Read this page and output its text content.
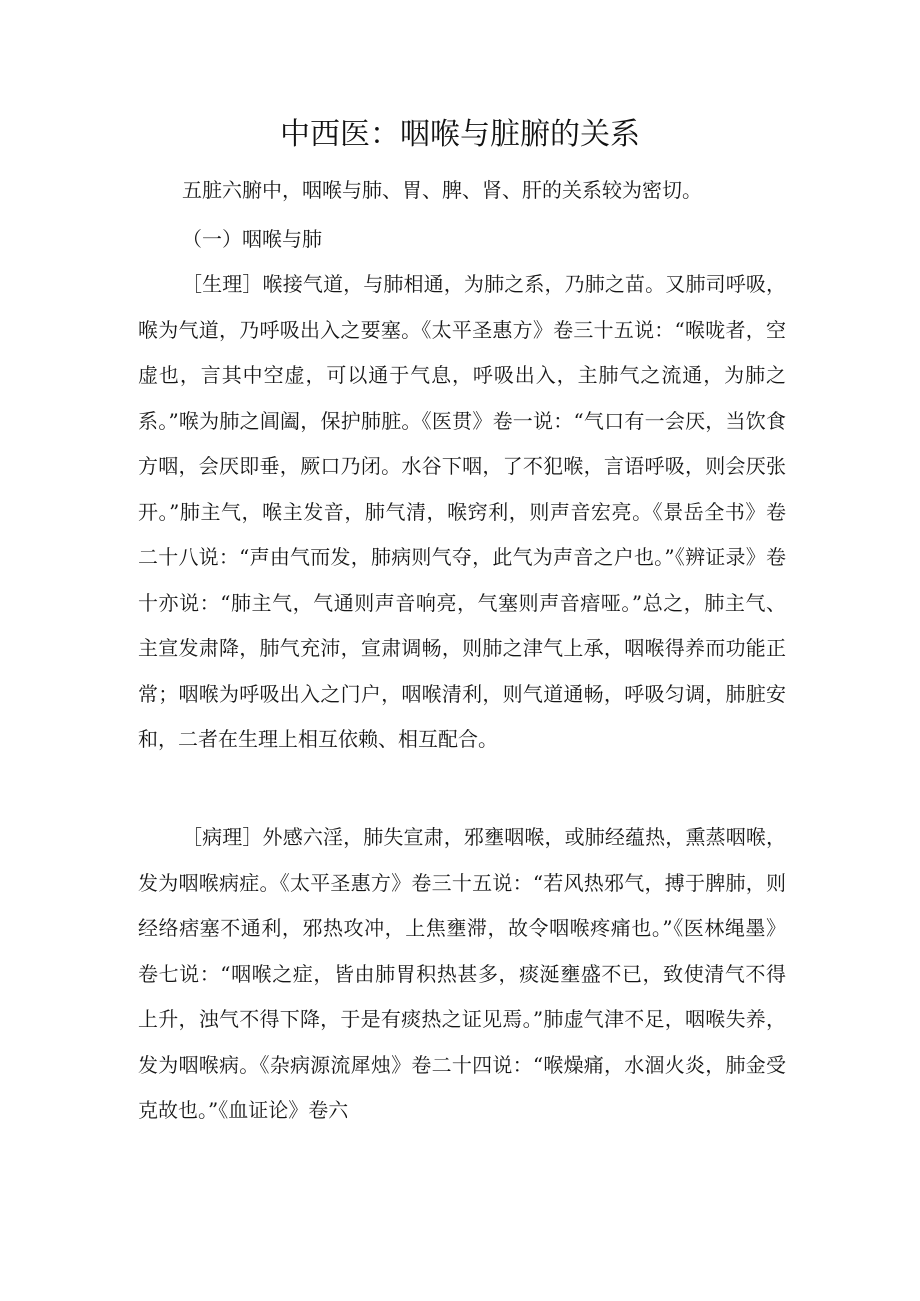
中西医：咽喉与脏腑的关系

五脏六腑中，咽喉与肺、胃、脾、肾、肝的关系较为密切。

（一）咽喉与肺

［生理］喉接气道，与肺相通，为肺之系，乃肺之苗。又肺司呼吸，喉为气道，乃呼吸出入之要塞。《太平圣惠方》卷三十五说：“喉咙者，空虚也，言其中空虚，可以通于气息，呼吸出入，主肺气之流通，为肺之系。”喉为肺之阊阖，保护肺脏。《医贯》卷一说：“气口有一会厌，当饮食方咽，会厌即垂，厥口乃闭。水谷下咽，了不犯喉，言语呼吸，则会厌张开。”肺主气，喉主发音，肺气清，喉窍利，则声音宏亮。《景岳全书》卷二十八说：“声由气而发，肺病则气夺，此气为声音之户也。”《辨证录》卷十亦说：“肺主气，气通则声音响亮，气塞则声音瘖哑。”总之，肺主气、主宣发肃降，肺气充沛，宣肃调畅，则肺之津气上承，咽喉得养而功能正常；咽喉为呼吸出入之门户，咽喉清利，则气道通畅，呼吸匀调，肺脏安和，二者在生理上相互依赖、相互配合。

［病理］外感六淫，肺失宣肃，邪壅咽喉，或肺经蕴热，熏蒸咽喉，发为咽喉病症。《太平圣惠方》卷三十五说：“若风热邪气，搏于脾肺，则经络痞塞不通利，邪热攻冲，上焦壅滞，故令咽喉疼痛也。”《医林绳墨》卷七说：“咽喉之症，皆由肺胃积热甚多，痰涎壅盛不已，致使清气不得上升，浊气不得下降，于是有痰热之证见焉。”肺虚气津不足，咽喉失养，发为咽喉病。《杂病源流犀烛》卷二十四说：“喉燥痛，水涸火炎，肺金受克故也。”《血证论》卷六
